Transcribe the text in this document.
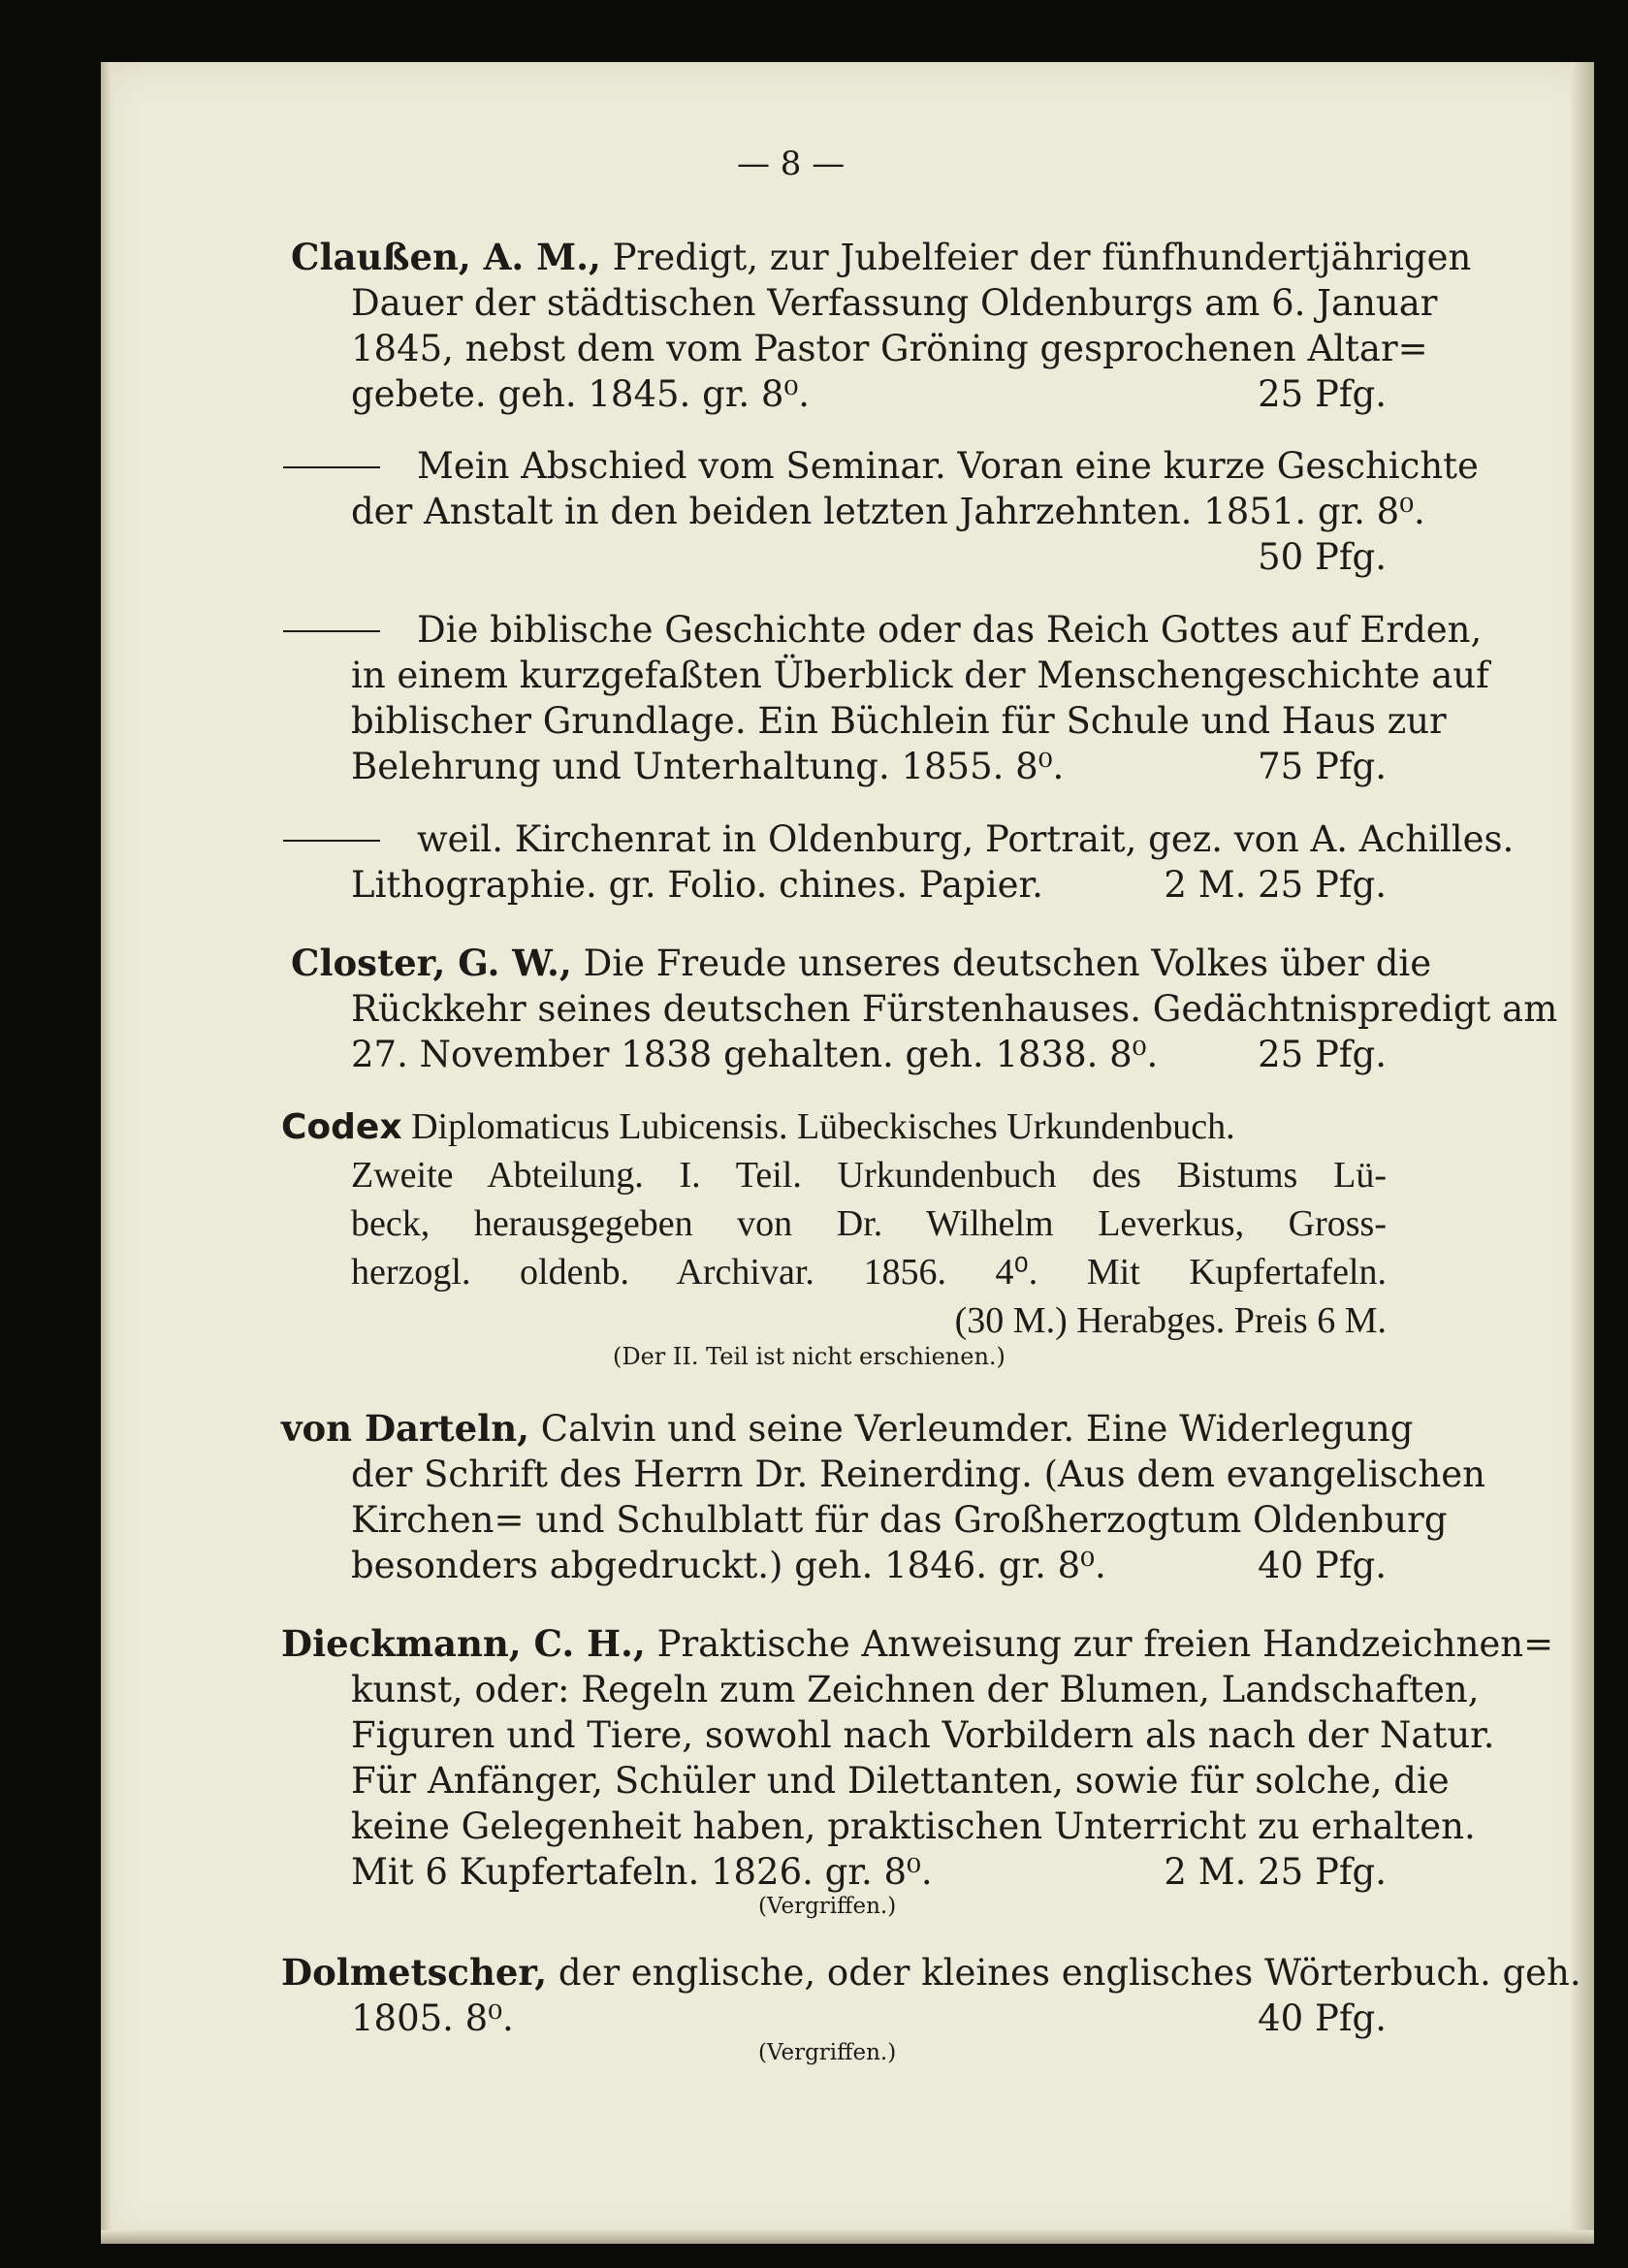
— 8 —
Claußen, A. M., Predigt, zur Jubelfeier der fünfhundertjährigen
Dauer der städtischen Verfassung Oldenburgs am 6. Januar
1845, nebst dem vom Pastor Gröning gesprochenen Altar=
gebete. geh. 1845. gr. 8⁰.	25 Pfg.
Mein Abschied vom Seminar. Voran eine kurze Geschichte
der Anstalt in den beiden letzten Jahrzehnten. 1851. gr. 8⁰.
50 Pfg.
Die biblische Geschichte oder das Reich Gottes auf Erden,
in einem kurzgefaßten Überblick der Menschengeschichte auf
biblischer Grundlage. Ein Büchlein für Schule und Haus zur
Belehrung und Unterhaltung. 1855. 8⁰.	75 Pfg.
weil. Kirchenrat in Oldenburg, Portrait, gez. von A. Achilles.
Lithographie. gr. Folio. chines. Papier.	2 M. 25 Pfg.
Closter, G. W., Die Freude unseres deutschen Volkes über die
Rückkehr seines deutschen Fürstenhauses. Gedächtnispredigt am
27. November 1838 gehalten. geh. 1838. 8⁰.	25 Pfg.
Codex Diplomaticus Lubicensis. Lübeckisches Urkundenbuch.
Zweite Abteilung. I. Teil. Urkundenbuch des Bistums Lü-
beck, herausgegeben von Dr. Wilhelm Leverkus, Gross-
herzogl. oldenb. Archivar. 1856. 4⁰. Mit Kupfertafeln.
(30 M.) Herabges. Preis 6 M.
(Der II. Teil ist nicht erschienen.)
von Darteln, Calvin und seine Verleumder. Eine Widerlegung
der Schrift des Herrn Dr. Reinerding. (Aus dem evangelischen
Kirchen= und Schulblatt für das Großherzogtum Oldenburg
besonders abgedruckt.) geh. 1846. gr. 8⁰.	40 Pfg.
Dieckmann, C. H., Praktische Anweisung zur freien Handzeichnen=
kunst, oder: Regeln zum Zeichnen der Blumen, Landschaften,
Figuren und Tiere, sowohl nach Vorbildern als nach der Natur.
Für Anfänger, Schüler und Dilettanten, sowie für solche, die
keine Gelegenheit haben, praktischen Unterricht zu erhalten.
Mit 6 Kupfertafeln. 1826. gr. 8⁰.	2 M. 25 Pfg.
(Vergriffen.)
Dolmetscher, der englische, oder kleines englisches Wörterbuch. geh.
1805. 8⁰.	40 Pfg.
(Vergriffen.)
